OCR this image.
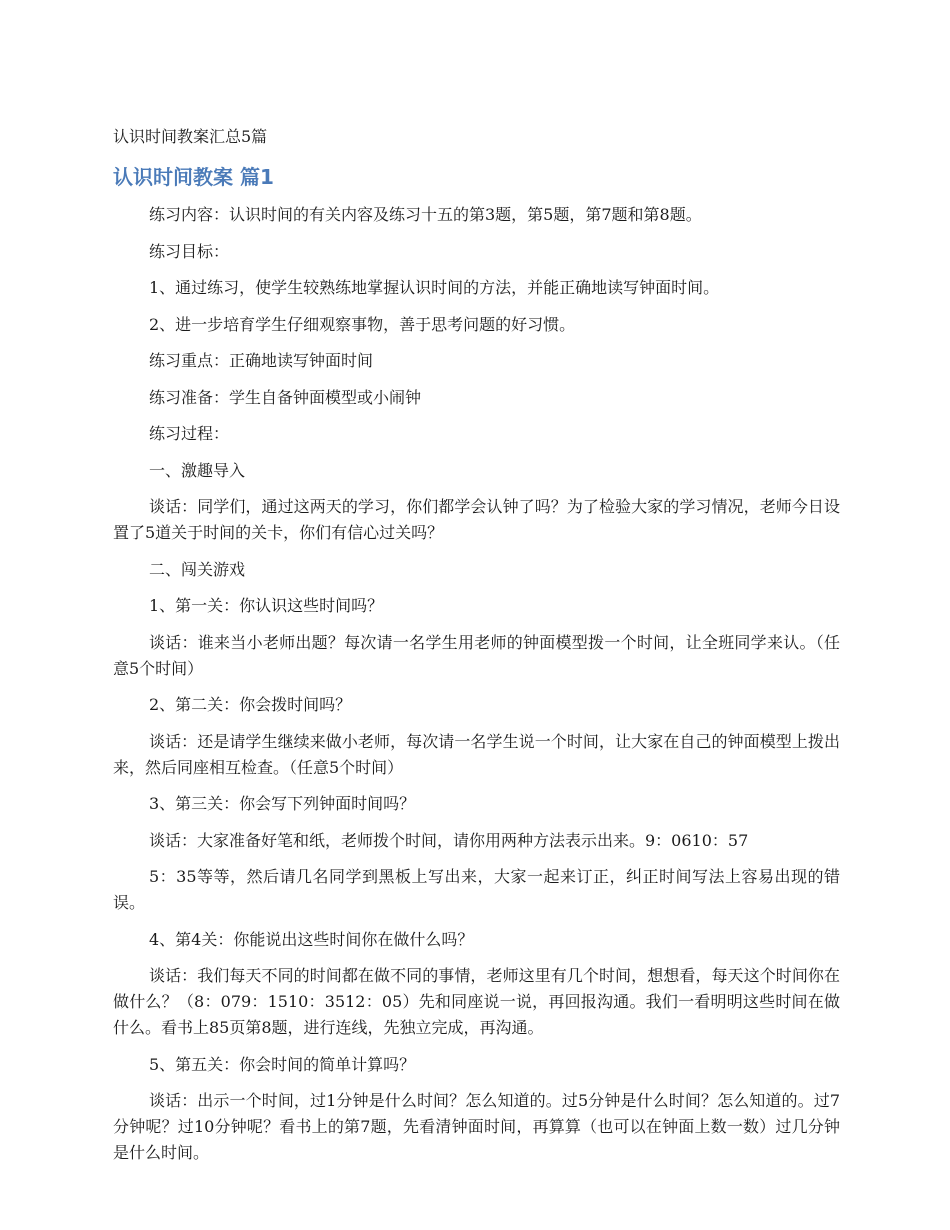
认识时间教案汇总5篇

认识时间教案 篇1

练习内容：认识时间的有关内容及练习十五的第3题，第5题，第7题和第8题。

练习目标：

1、通过练习，使学生较熟练地掌握认识时间的方法，并能正确地读写钟面时间。

2、进一步培育学生仔细观察事物，善于思考问题的好习惯。

练习重点：正确地读写钟面时间

练习准备：学生自备钟面模型或小闹钟

练习过程：

一、激趣导入

谈话：同学们，通过这两天的学习，你们都学会认钟了吗？为了检验大家的学习情况，老师今日设置了5道关于时间的关卡，你们有信心过关吗？

二、闯关游戏

1、第一关：你认识这些时间吗？

谈话：谁来当小老师出题？每次请一名学生用老师的钟面模型拨一个时间，让全班同学来认。（任意5个时间）

2、第二关：你会拨时间吗？

谈话：还是请学生继续来做小老师，每次请一名学生说一个时间，让大家在自己的钟面模型上拨出来，然后同座相互检查。（任意5个时间）

3、第三关：你会写下列钟面时间吗？

谈话：大家准备好笔和纸，老师拨个时间，请你用两种方法表示出来。9：0610：57

5：35等等，然后请几名同学到黑板上写出来，大家一起来订正，纠正时间写法上容易出现的错误。

4、第4关：你能说出这些时间你在做什么吗？

谈话：我们每天不同的时间都在做不同的事情，老师这里有几个时间，想想看，每天这个时间你在做什么？（8：079：1510：3512：05）先和同座说一说，再回报沟通。我们一看明明这些时间在做什么。看书上85页第8题，进行连线，先独立完成，再沟通。

5、第五关：你会时间的简单计算吗？

谈话：出示一个时间，过1分钟是什么时间？怎么知道的。过5分钟是什么时间？怎么知道的。过7分钟呢？过10分钟呢？看书上的第7题，先看清钟面时间，再算算（也可以在钟面上数一数）过几分钟是什么时间。
